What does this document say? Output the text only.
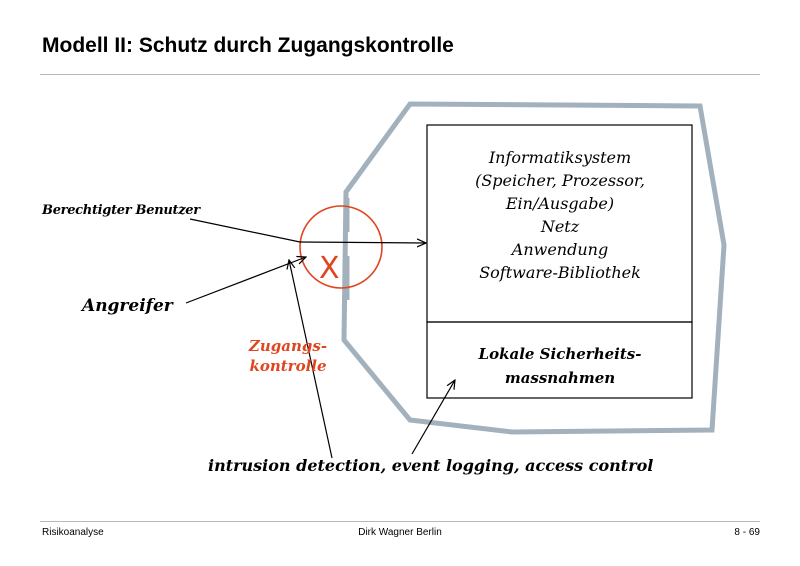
Modell II: Schutz durch Zugangskontrolle
X
Informatiksystem
(Speicher, Prozessor,
Ein/Ausgabe)
Netz
Anwendung
Software-Bibliothek
Lokale Sicherheits-
massnahmen
Berechtigter Benutzer
Angreifer
Zugangs-
kontrolle
intrusion detection, event logging, access control
Risikoanalyse	Dirk Wagner Berlin	8 - 69
